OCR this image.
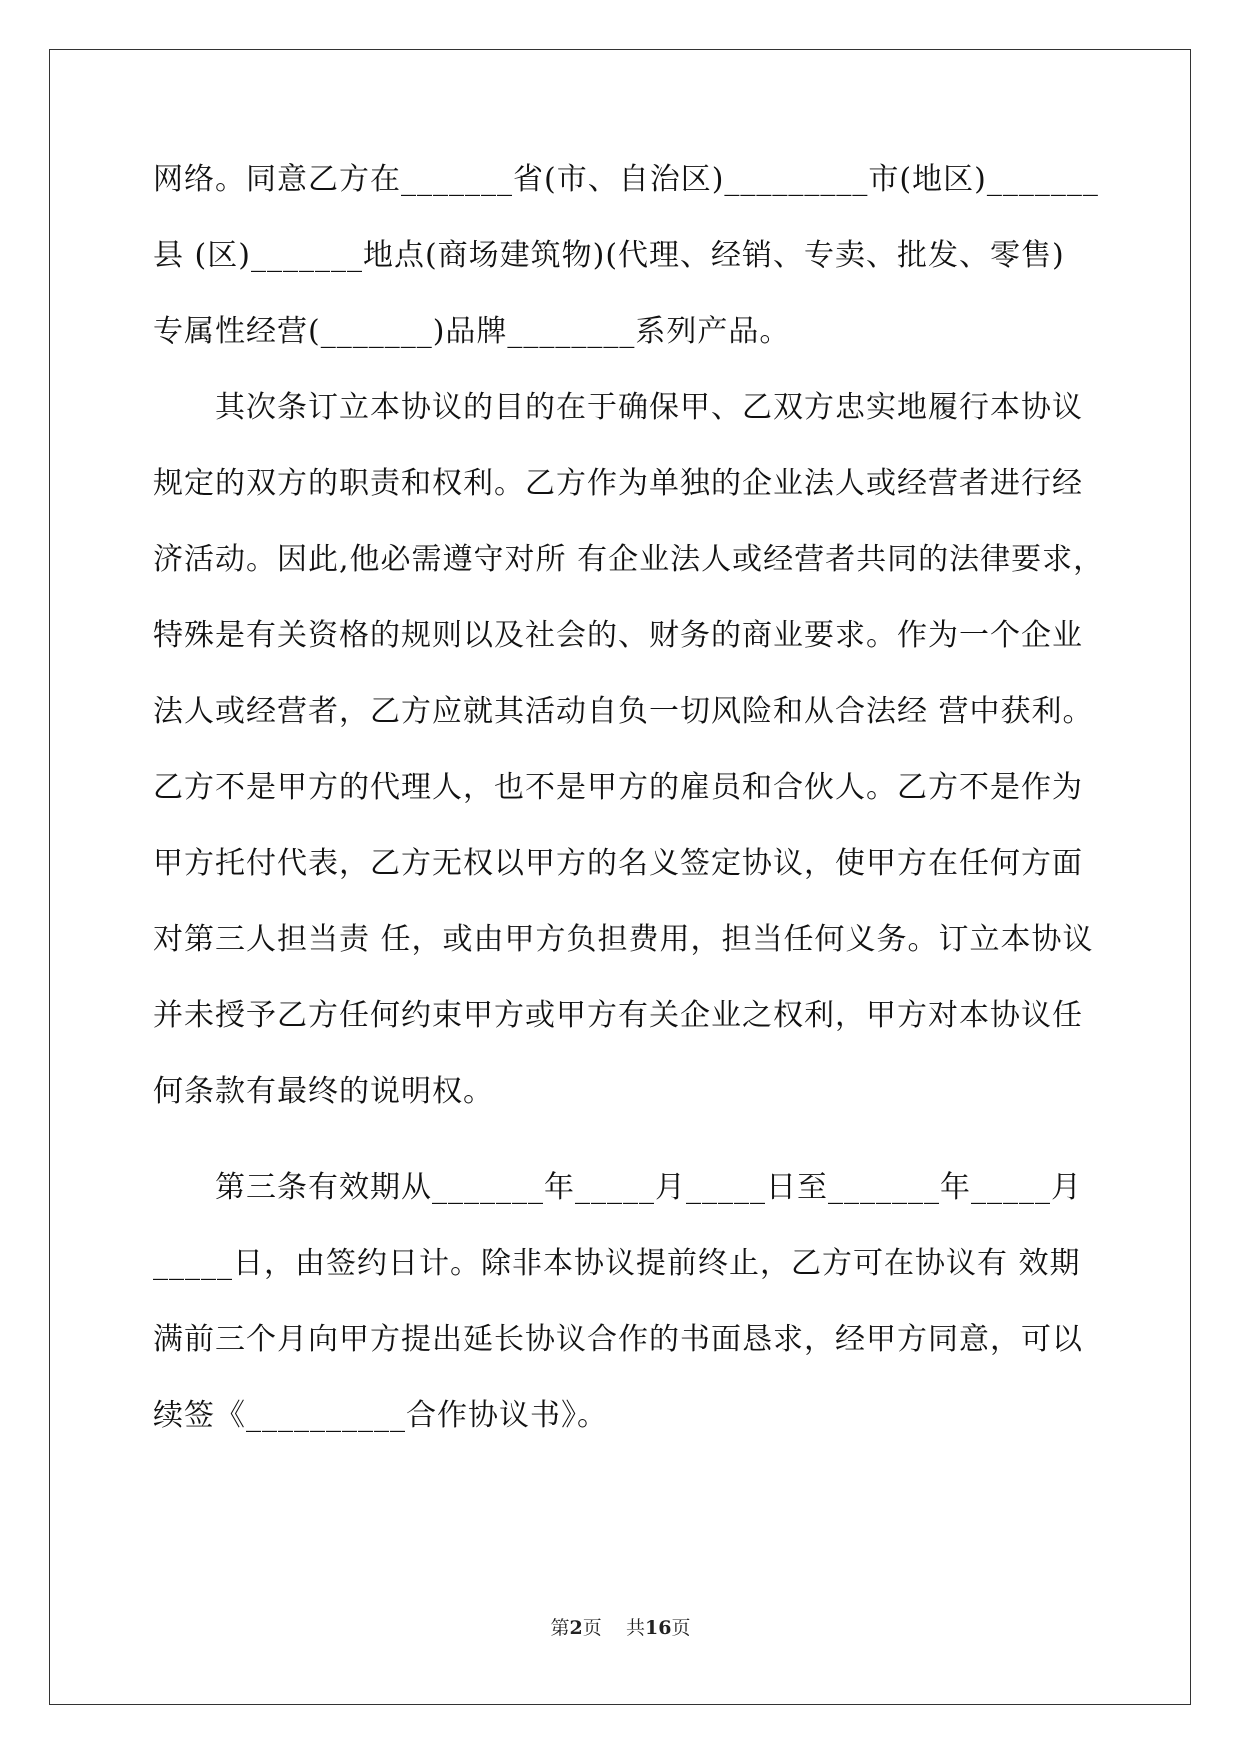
网络。同意乙方在_______省(市、自治区)_________市(地区)_______
县 (区)_______地点(商场建筑物)(代理、经销、专卖、批发、零售)
专属性经营(_______)品牌________系列产品。
　　其次条订立本协议的目的在于确保甲、乙双方忠实地履行本协议
规定的双方的职责和权利。乙方作为单独的企业法人或经营者进行经
济活动。因此,他必需遵守对所 有企业法人或经营者共同的法律要求，
特殊是有关资格的规则以及社会的、财务的商业要求。作为一个企业
法人或经营者，乙方应就其活动自负一切风险和从合法经 营中获利。
乙方不是甲方的代理人，也不是甲方的雇员和合伙人。乙方不是作为
甲方托付代表，乙方无权以甲方的名义签定协议，使甲方在任何方面
对第三人担当责 任，或由甲方负担费用，担当任何义务。订立本协议
并未授予乙方任何约束甲方或甲方有关企业之权利，甲方对本协议任
何条款有最终的说明权。
　　第三条有效期从_______年_____月_____日至_______年_____月
_____日，由签约日计。除非本协议提前终止，乙方可在协议有 效期
满前三个月向甲方提出延长协议合作的书面恳求，经甲方同意，可以
续签《__________合作协议书》。
第2页 共16页
